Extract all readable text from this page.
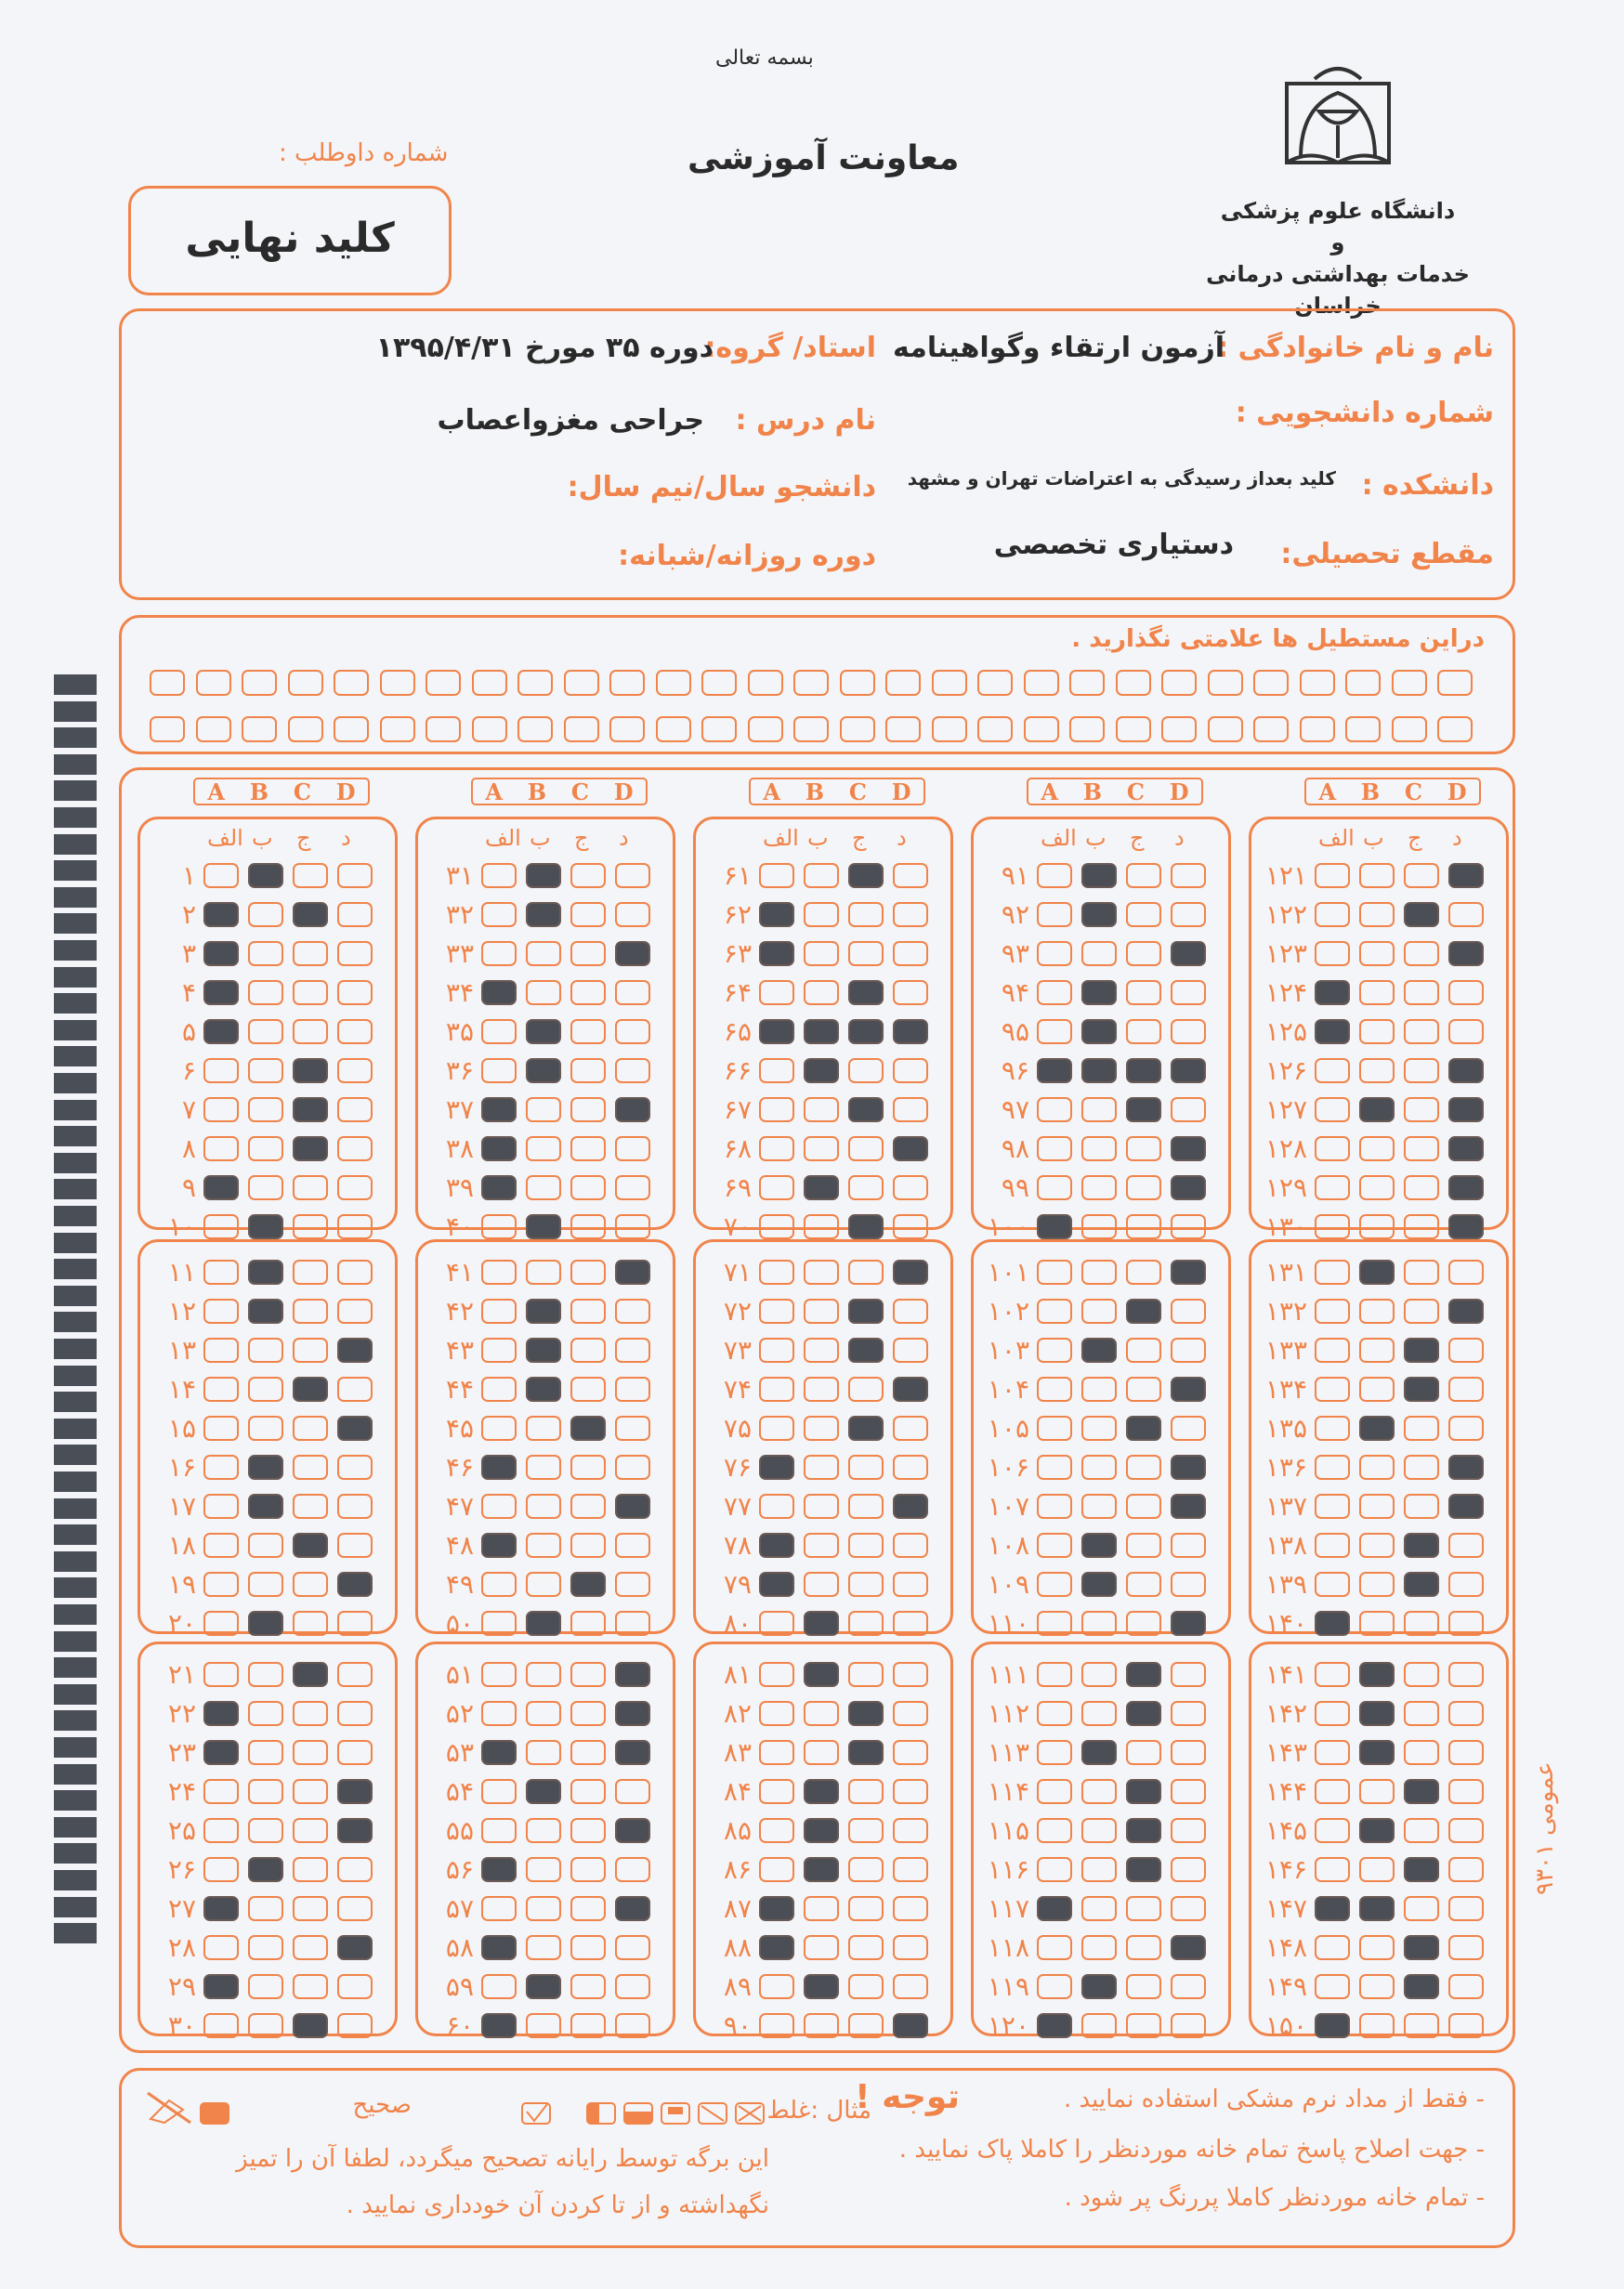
بسمه تعالی
معاونت آموزشی
دانشگاه علوم پزشکی
و
خدمات بهداشتی درمانی خراسان
شماره داوطلب :
کلید نهایی
نام و نام خانوادگی :
آزمون ارتقاء وگواهینامه
شماره دانشجویی :
دانشکده :
کلید بعداز رسیدگی به اعتراضات تهران و مشهد
مقطع تحصیلی:
دستیاری تخصصی
استاد/ گروه:
دوره ۳۵ مورخ ۱۳۹۵/۴/۳۱
نام درس :
جراحی مغزواعصاب
دانشجو سال/نیم سال:
دوره روزانه/شبانه:
دراین مستطیل ها علامتی نگذارید .
A B C D
الف ب ج د
۱
۲
۳
۴
۵
۶
۷
۸
۹
۱۰
۱۱
۱۲
۱۳
۱۴
۱۵
۱۶
۱۷
۱۸
۱۹
۲۰
۲۱
۲۲
۲۳
۲۴
۲۵
۲۶
۲۷
۲۸
۲۹
۳۰
A B C D
الف ب ج د
۳۱
۳۲
۳۳
۳۴
۳۵
۳۶
۳۷
۳۸
۳۹
۴۰
۴۱
۴۲
۴۳
۴۴
۴۵
۴۶
۴۷
۴۸
۴۹
۵۰
۵۱
۵۲
۵۳
۵۴
۵۵
۵۶
۵۷
۵۸
۵۹
۶۰
A B C D
الف ب ج د
۶۱
۶۲
۶۳
۶۴
۶۵
۶۶
۶۷
۶۸
۶۹
۷۰
۷۱
۷۲
۷۳
۷۴
۷۵
۷۶
۷۷
۷۸
۷۹
۸۰
۸۱
۸۲
۸۳
۸۴
۸۵
۸۶
۸۷
۸۸
۸۹
۹۰
A B C D
الف ب ج د
۹۱
۹۲
۹۳
۹۴
۹۵
۹۶
۹۷
۹۸
۹۹
۱۰۰
۱۰۱
۱۰۲
۱۰۳
۱۰۴
۱۰۵
۱۰۶
۱۰۷
۱۰۸
۱۰۹
۱۱۰
۱۱۱
۱۱۲
۱۱۳
۱۱۴
۱۱۵
۱۱۶
۱۱۷
۱۱۸
۱۱۹
۱۲۰
A B C D
الف ب ج د
۱۲۱
۱۲۲
۱۲۳
۱۲۴
۱۲۵
۱۲۶
۱۲۷
۱۲۸
۱۲۹
۱۳۰
۱۳۱
۱۳۲
۱۳۳
۱۳۴
۱۳۵
۱۳۶
۱۳۷
۱۳۸
۱۳۹
۱۴۰
۱۴۱
۱۴۲
۱۴۳
۱۴۴
۱۴۵
۱۴۶
۱۴۷
۱۴۸
۱۴۹
۱۵۰
- فقط از مداد نرم مشکی استفاده نمایید .
- جهت اصلاح پاسخ تمام خانه موردنظر را کاملا پاک نمایید .
- تمام خانه موردنظر کاملا پررنگ پر شود .
توجه !
مثال :غلط
صحیح
این برگه توسط رایانه تصحیح میگردد، لطفا آن را تمیز
نگهداشته و از تا کردن آن خودداری نمایید .
۹۳۰۱ عمومی
